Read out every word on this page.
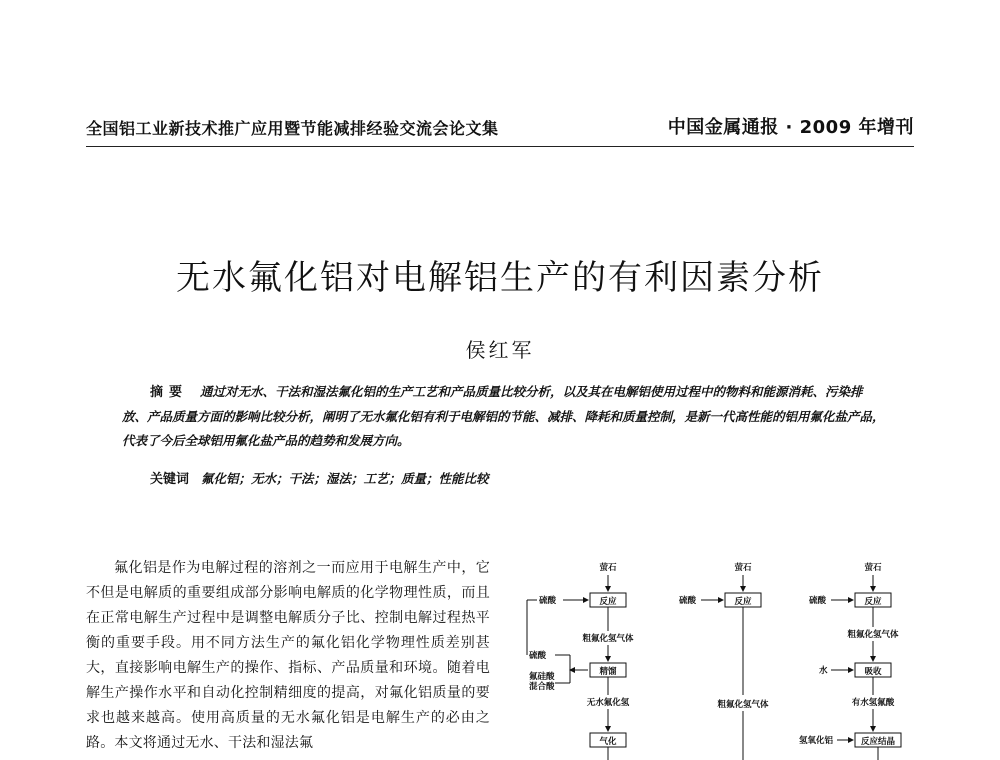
全国铝工业新技术推广应用暨节能减排经验交流会论文集	中国金属通报 · 2009 年增刊
无水氟化铝对电解铝生产的有利因素分析
侯红军
摘要 通过对无水、干法和湿法氟化铝的生产工艺和产品质量比较分析，以及其在电解铝使用过程中的物料和能源消耗、污染排放、产品质量方面的影响比较分析，阐明了无水氟化铝有利于电解铝的节能、减排、降耗和质量控制，是新一代高性能的铝用氟化盐产品，代表了今后全球铝用氟化盐产品的趋势和发展方向。
关键词 氟化铝；无水；干法；湿法；工艺；质量；性能比较
氟化铝是作为电解过程的溶剂之一而应用于电解生产中，它不但是电解质的重要组成部分影响电解质的化学物理性质，而且在正常电解生产过程中是调整电解质分子比、控制电解过程热平衡的重要手段。用不同方法生产的氟化铝化学物理性质差别甚大，直接影响电解生产的操作、指标、产品质量和环境。随着电解生产操作水平和自动化控制精细度的提高，对氟化铝质量的要求也越来越高。使用高质量的无水氟化铝是电解生产的必由之路。本文将通过无水、干法和湿法氟
萤石
硫酸	反应
粗氟化氢气体
硫酸
氟硅酸
混合酸
精馏
无水氟化氢
气化
萤石
硫酸	反应
粗氟化氢气体
萤石
硫酸	反应
粗氟化氢气体
水	吸收
有水氢氟酸
氢氧化铝	反应结晶
